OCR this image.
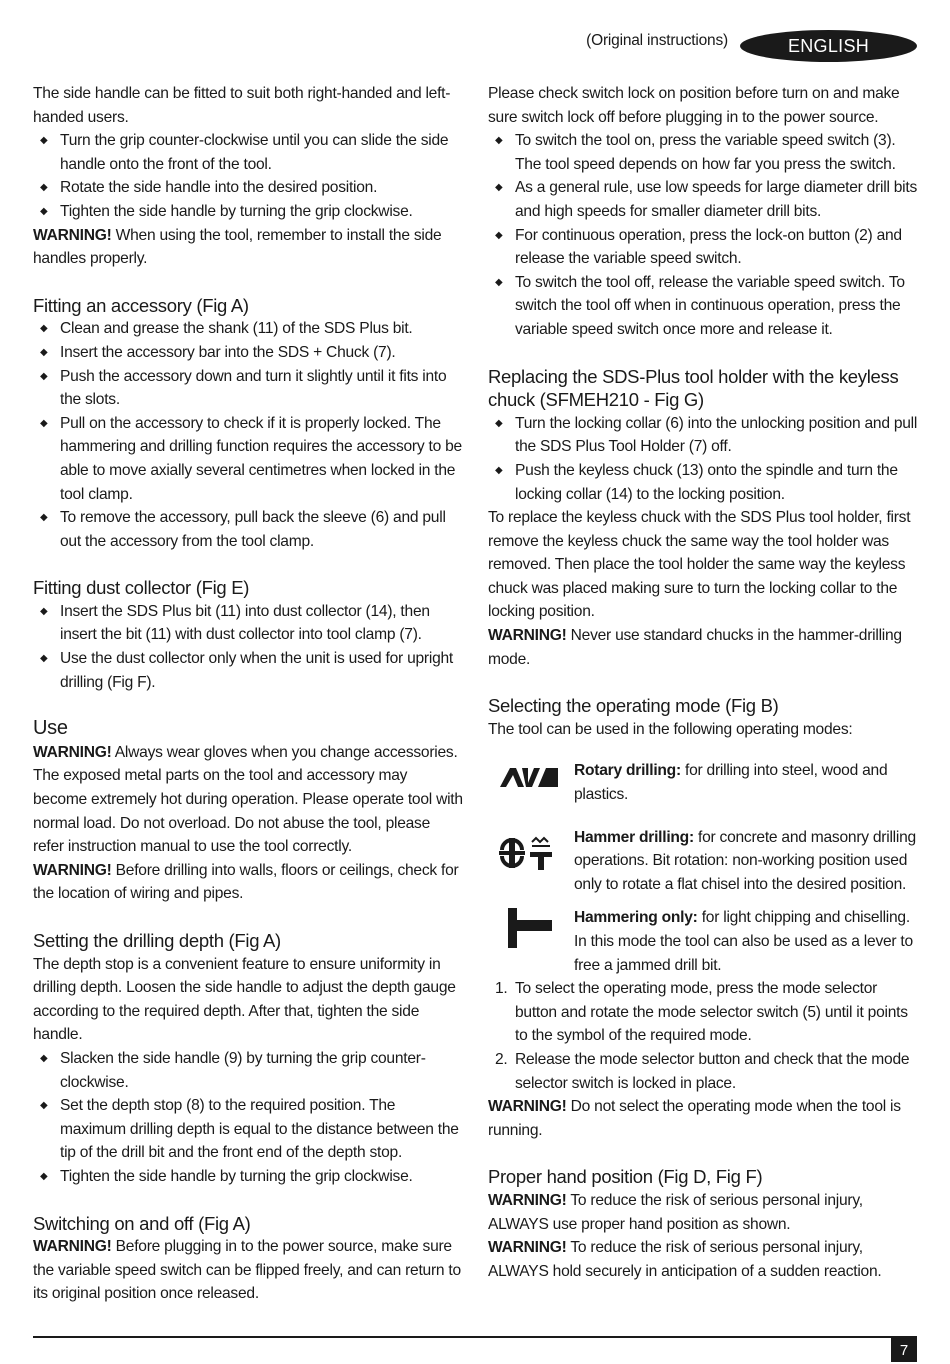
(Original instructions)	ENGLISH

The side handle can be fitted to suit both right-handed and left-handed users.

◆ Turn the grip counter-clockwise until you can slide the side handle onto the front of the tool.
◆ Rotate the side handle into the desired position.
◆ Tighten the side handle by turning the grip clockwise.

WARNING! When using the tool, remember to install the side handles properly.

Fitting an accessory (Fig A)
◆ Clean and grease the shank (11) of the SDS Plus bit.
◆ Insert the accessory bar into the SDS + Chuck (7).
◆ Push the accessory down and turn it slightly until it fits into the slots.
◆ Pull on the accessory to check if it is properly locked. The hammering and drilling function requires the accessory to be able to move axially several centimetres when locked in the tool clamp.
◆ To remove the accessory, pull back the sleeve (6) and pull out the accessory from the tool clamp.
Fitting dust collector (Fig E)
◆ Insert the SDS Plus bit (11) into dust collector (14), then insert the bit (11) with dust collector into tool clamp (7).
◆ Use the dust collector only when the unit is used for upright drilling (Fig F).
Use

WARNING! Always wear gloves when you change accessories. The exposed metal parts on the tool and accessory may become extremely hot during operation. Please operate tool with normal load. Do not overload. Do not abuse the tool, please refer instruction manual to use the tool correctly.

WARNING! Before drilling into walls, floors or ceilings, check for the location of wiring and pipes.

Setting the drilling depth (Fig A)

The depth stop is a convenient feature to ensure uniformity in drilling depth. Loosen the side handle to adjust the depth gauge according to the required depth. After that, tighten the side handle.

◆ Slacken the side handle (9) by turning the grip counter-clockwise.
◆ Set the depth stop (8) to the required position. The maximum drilling depth is equal to the distance between the tip of the drill bit and the front end of the depth stop.
◆ Tighten the side handle by turning the grip clockwise.
Switching on and off (Fig A)

WARNING! Before plugging in to the power source, make sure the variable speed switch can be flipped freely, and can return to its original position once released.

Please check switch lock on position before turn on and make sure switch lock off before plugging in to the power source.

◆ To switch the tool on, press the variable speed switch (3). The tool speed depends on how far you press the switch.
◆ As a general rule, use low speeds for large diameter drill bits and high speeds for smaller diameter drill bits.
◆ For continuous operation, press the lock-on button (2) and release the variable speed switch.
◆ To switch the tool off, release the variable speed switch. To switch the tool off when in continuous operation, press the variable speed switch once more and release it.
Replacing the SDS-Plus tool holder with the keyless chuck (SFMEH210 - Fig G)
◆ Turn the locking collar (6) into the unlocking position and pull the SDS Plus Tool Holder (7) off.
◆ Push the keyless chuck (13) onto the spindle and turn the locking collar (14) to the locking position.

To replace the keyless chuck with the SDS Plus tool holder, first remove the keyless chuck the same way the tool holder was removed. Then place the tool holder the same way the keyless chuck was placed making sure to turn the locking collar to the locking position.

WARNING! Never use standard chucks in the hammer-drilling mode.

Selecting the operating mode (Fig B)

The tool can be used in the following operating modes:

Rotary drilling: for drilling into steel, wood and plastics.

Hammer drilling: for concrete and masonry drilling operations. Bit rotation: non-working position used only to rotate a flat chisel into the desired position.

Hammering only: for light chipping and chiselling. In this mode the tool can also be used as a lever to free a jammed drill bit.

1. To select the operating mode, press the mode selector button and rotate the mode selector switch (5) until it points to the symbol of the required mode.
2. Release the mode selector button and check that the mode selector switch is locked in place.

WARNING! Do not select the operating mode when the tool is running.

Proper hand position (Fig D, Fig F)

WARNING! To reduce the risk of serious personal injury, ALWAYS use proper hand position as shown.

WARNING! To reduce the risk of serious personal injury, ALWAYS hold securely in anticipation of a sudden reaction.

7
